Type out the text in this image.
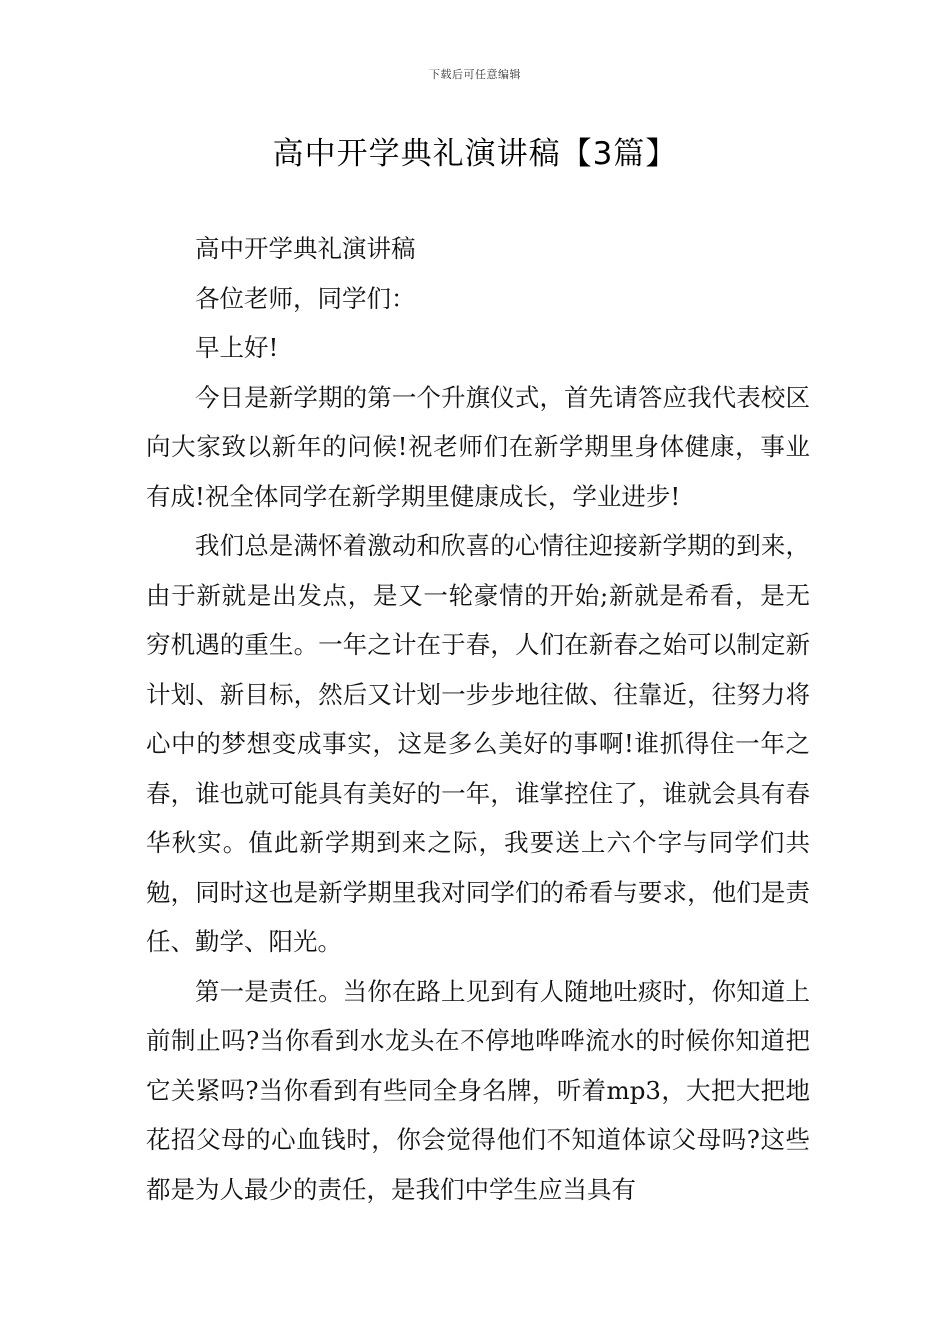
下载后可任意编辑
高中开学典礼演讲稿【3篇】

高中开学典礼演讲稿

各位老师，同学们：

早上好!

今日是新学期的第一个升旗仪式，首先请答应我代表校区向大家致以新年的问候!祝老师们在新学期里身体健康，事业有成!祝全体同学在新学期里健康成长，学业进步!

我们总是满怀着激动和欣喜的心情往迎接新学期的到来，由于新就是出发点，是又一轮豪情的开始;新就是希看，是无穷机遇的重生。一年之计在于春，人们在新春之始可以制定新计划、新目标，然后又计划一步步地往做、往靠近，往努力将心中的梦想变成事实，这是多么美好的事啊!谁抓得住一年之春，谁也就可能具有美好的一年，谁掌控住了，谁就会具有春华秋实。值此新学期到来之际，我要送上六个字与同学们共勉，同时这也是新学期里我对同学们的希看与要求，他们是责任、勤学、阳光。

第一是责任。当你在路上见到有人随地吐痰时，你知道上前制止吗?当你看到水龙头在不停地哗哗流水的时候你知道把它关紧吗?当你看到有些同全身名牌，听着mp3，大把大把地花招父母的心血钱时，你会觉得他们不知道体谅父母吗?这些都是为人最少的责任，是我们中学生应当具有
